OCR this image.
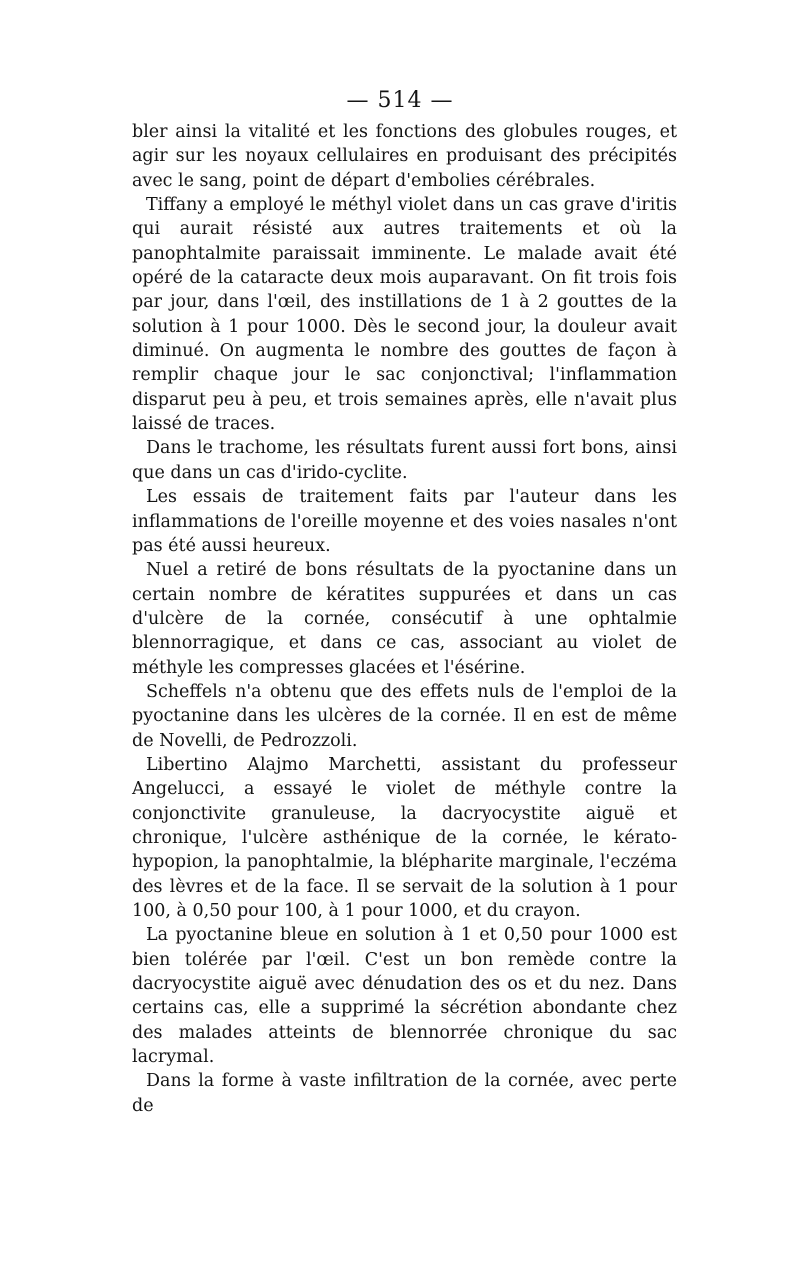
— 514 —

bler ainsi la vitalité et les fonctions des globules rouges, et agir sur les noyaux cellulaires en produisant des précipités avec le sang, point de départ d'embolies cérébrales.

Tiffany a employé le méthyl violet dans un cas grave d'iritis qui aurait résisté aux autres traitements et où la panophtalmite paraissait imminente. Le malade avait été opéré de la cataracte deux mois auparavant. On fit trois fois par jour, dans l'œil, des instillations de 1 à 2 gouttes de la solution à 1 pour 1000. Dès le second jour, la douleur avait diminué. On augmenta le nombre des gouttes de façon à remplir chaque jour le sac conjonctival; l'inflammation disparut peu à peu, et trois semaines après, elle n'avait plus laissé de traces.

Dans le trachome, les résultats furent aussi fort bons, ainsi que dans un cas d'irido-cyclite.

Les essais de traitement faits par l'auteur dans les inflammations de l'oreille moyenne et des voies nasales n'ont pas été aussi heureux.

Nuel a retiré de bons résultats de la pyoctanine dans un certain nombre de kératites suppurées et dans un cas d'ulcère de la cornée, consécutif à une ophtalmie blennorragique, et dans ce cas, associant au violet de méthyle les compresses glacées et l'ésérine.

Scheffels n'a obtenu que des effets nuls de l'emploi de la pyoctanine dans les ulcères de la cornée. Il en est de même de Novelli, de Pedrozzoli.

Libertino Alajmo Marchetti, assistant du professeur Angelucci, a essayé le violet de méthyle contre la conjonctivite granuleuse, la dacryocystite aiguë et chronique, l'ulcère asthénique de la cornée, le kérato-hypopion, la panophtalmie, la blépharite marginale, l'eczéma des lèvres et de la face. Il se servait de la solution à 1 pour 100, à 0,50 pour 100, à 1 pour 1000, et du crayon.

La pyoctanine bleue en solution à 1 et 0,50 pour 1000 est bien tolérée par l'œil. C'est un bon remède contre la dacryocystite aiguë avec dénudation des os et du nez. Dans certains cas, elle a supprimé la sécrétion abondante chez des malades atteints de blennorrée chronique du sac lacrymal.

Dans la forme à vaste infiltration de la cornée, avec perte de
